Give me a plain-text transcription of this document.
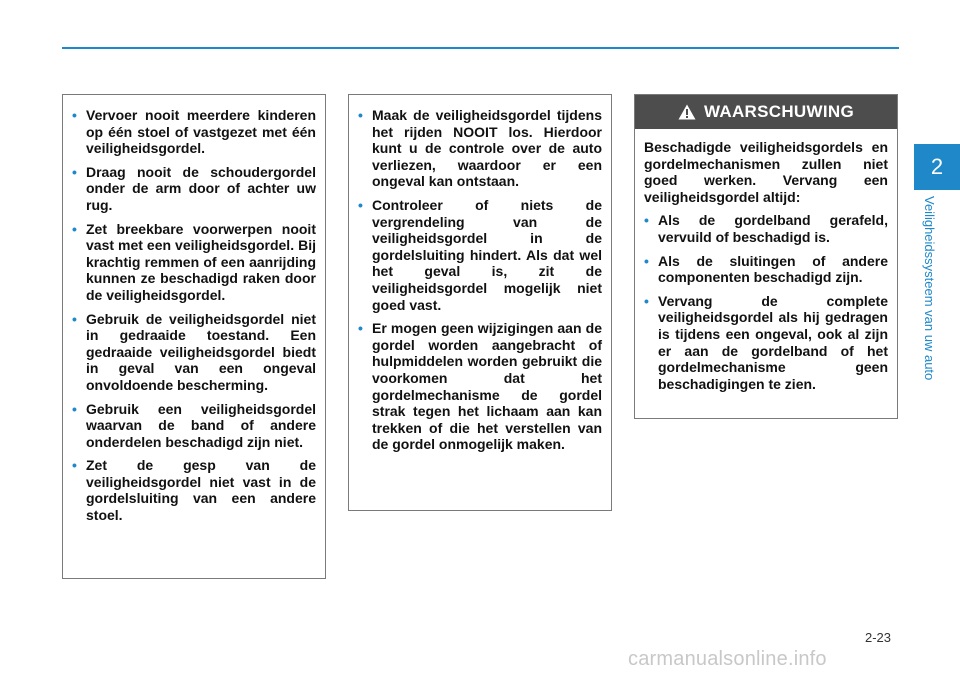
• Vervoer nooit meerdere kinderen op één stoel of vastgezet met één veiligheidsgordel.
• Draag nooit de schoudergordel onder de arm door of achter uw rug.
• Zet breekbare voorwerpen nooit vast met een veiligheidsgordel. Bij krachtig remmen of een aanrijding kunnen ze beschadigd raken door de veiligheidsgordel.
• Gebruik de veiligheidsgordel niet in gedraaide toestand. Een gedraaide veiligheidsgordel biedt in geval van een ongeval onvoldoende bescherming.
• Gebruik een veiligheidsgordel waarvan de band of andere onderdelen beschadigd zijn niet.
• Zet de gesp van de veiligheidsgordel niet vast in de gordelsluiting van een andere stoel.
• Maak de veiligheidsgordel tijdens het rijden NOOIT los. Hierdoor kunt u de controle over de auto verliezen, waardoor er een ongeval kan ontstaan.
• Controleer of niets de vergrendeling van de veiligheidsgordel in de gordelsluiting hindert. Als dat wel het geval is, zit de veiligheidsgordel mogelijk niet goed vast.
• Er mogen geen wijzigingen aan de gordel worden aangebracht of hulpmiddelen worden gebruikt die voorkomen dat het gordelmechanisme de gordel strak tegen het lichaam aan kan trekken of die het verstellen van de gordel onmogelijk maken.
WAARSCHUWING

Beschadigde veiligheidsgordels en gordelmechanismen zullen niet goed werken. Vervang een veiligheidsgordel altijd:

• Als de gordelband gerafeld, vervuild of beschadigd is.
• Als de sluitingen of andere componenten beschadigd zijn.
• Vervang de complete veiligheidsgordel als hij gedragen is tijdens een ongeval, ook al zijn er aan de gordelband of het gordelmechanisme geen beschadigingen te zien.
2
Veiligheidssysteem van uw auto
2-23
carmanualsonline.info
